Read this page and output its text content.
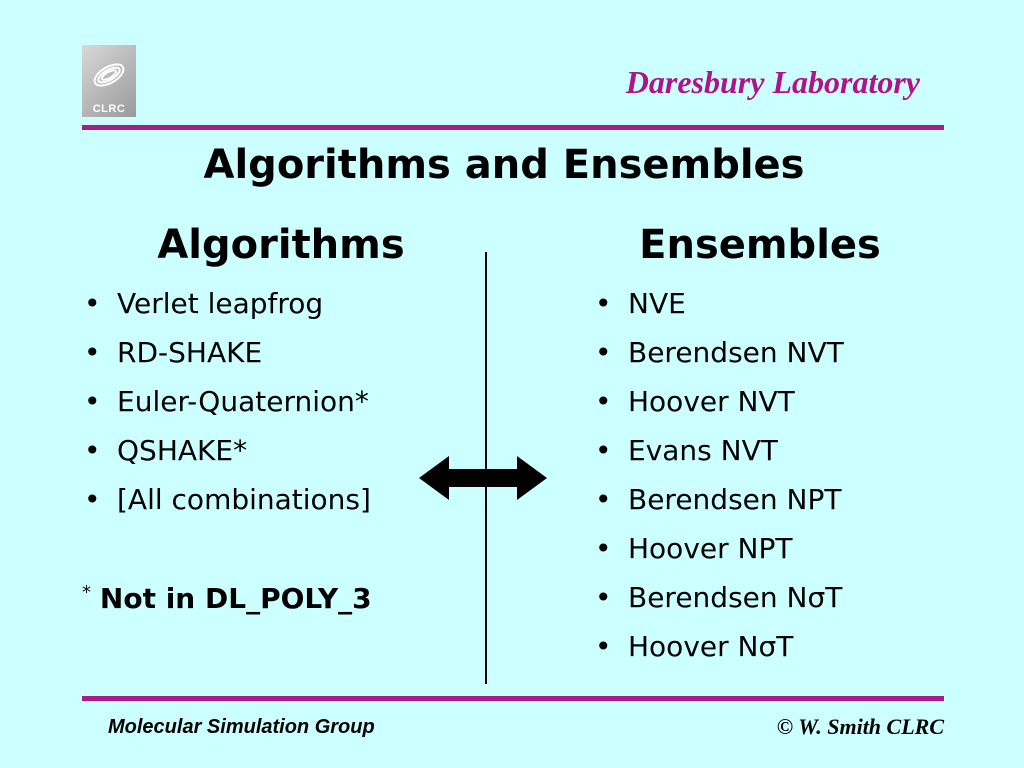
CLRC
Daresbury Laboratory
Algorithms and Ensembles
Algorithms	Ensembles
• Verlet leapfrog
• RD-SHAKE
• Euler-Quaternion*
• QSHAKE*
• [All combinations]
* Not in DL_POLY_3
• NVE
• Berendsen NVT
• Hoover NVT
• Evans NVT
• Berendsen NPT
• Hoover NPT
• Berendsen NσT
• Hoover NσT
Molecular Simulation Group	© W. Smith CLRC
